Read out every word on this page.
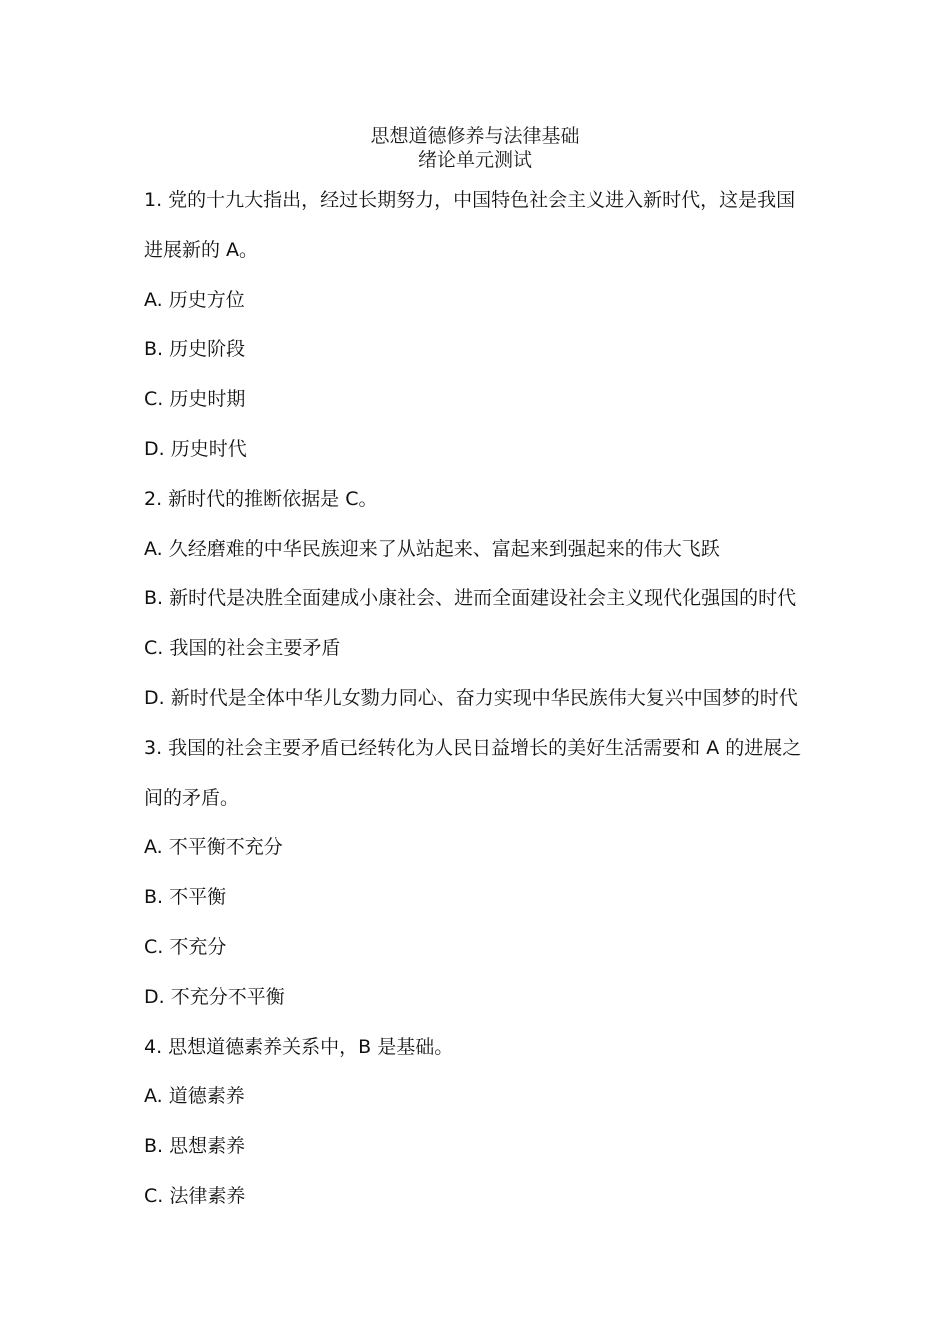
思想道德修养与法律基础
绪论单元测试
1. 党的十九大指出，经过长期努力，中国特色社会主义进入新时代，这是我国
进展新的 A。
A. 历史方位
B. 历史阶段
C. 历史时期
D. 历史时代
2. 新时代的推断依据是 C。
A. 久经磨难的中华民族迎来了从站起来、富起来到强起来的伟大飞跃
B. 新时代是决胜全面建成小康社会、进而全面建设社会主义现代化强国的时代
C. 我国的社会主要矛盾
D. 新时代是全体中华儿女勠力同心、奋力实现中华民族伟大复兴中国梦的时代
3. 我国的社会主要矛盾已经转化为人民日益增长的美好生活需要和 A 的进展之
间的矛盾。
A. 不平衡不充分
B. 不平衡
C. 不充分
D. 不充分不平衡
4. 思想道德素养关系中，B 是基础。
A. 道德素养
B. 思想素养
C. 法律素养
